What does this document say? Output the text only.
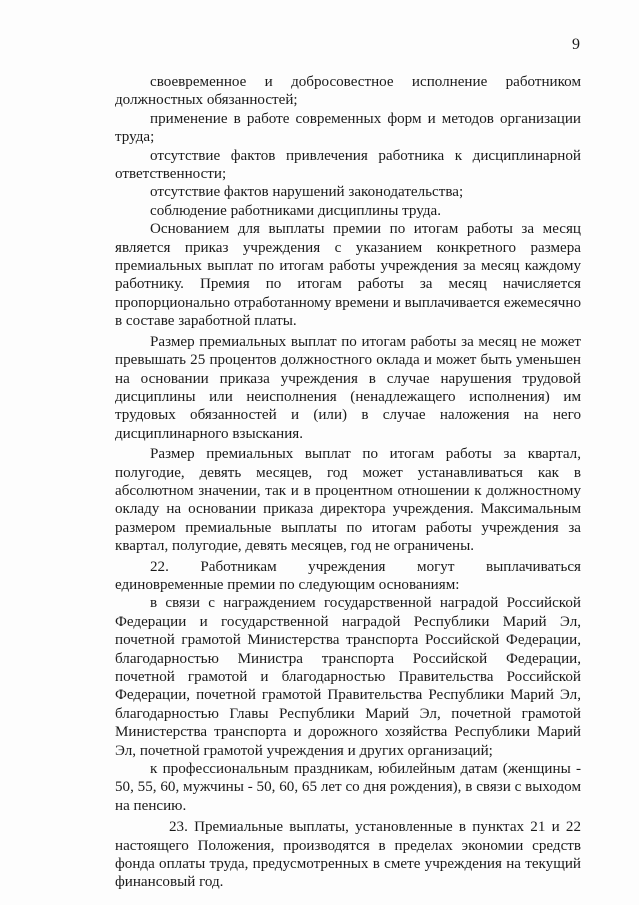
9

своевременное и добросовестное исполнение работником должностных обязанностей;

применение в работе современных форм и методов организации труда;

отсутствие фактов привлечения работника к дисциплинарной ответственности;

отсутствие фактов нарушений законодательства;

соблюдение работниками дисциплины труда.

Основанием для выплаты премии по итогам работы за месяц является приказ учреждения с указанием конкретного размера премиальных выплат по итогам работы учреждения за месяц каждому работнику. Премия по итогам работы за месяц начисляется пропорционально отработанному времени и выплачивается ежемесячно в составе заработной платы.

Размер премиальных выплат по итогам работы за месяц не может превышать 25 процентов должностного оклада и может быть уменьшен на основании приказа учреждения в случае нарушения трудовой дисциплины или неисполнения (ненадлежащего исполнения) им трудовых обязанностей и (или) в случае наложения на него дисциплинарного взыскания.

Размер премиальных выплат по итогам работы за квартал, полугодие, девять месяцев, год может устанавливаться как в абсолютном значении, так и в процентном отношении к должностному окладу на основании приказа директора учреждения. Максимальным размером премиальные выплаты по итогам работы учреждения за квартал, полугодие, девять месяцев, год не ограничены.

22. Работникам учреждения могут выплачиваться единовременные премии по следующим основаниям:

в связи с награждением государственной наградой Российской Федерации и государственной наградой Республики Марий Эл, почетной грамотой Министерства транспорта Российской Федерации, благодарностью Министра транспорта Российской Федерации, почетной грамотой и благодарностью Правительства Российской Федерации, почетной грамотой Правительства Республики Марий Эл, благодарностью Главы Республики Марий Эл, почетной грамотой Министерства транспорта и дорожного хозяйства Республики Марий Эл, почетной грамотой учреждения и других организаций;

к профессиональным праздникам, юбилейным датам (женщины - 50, 55, 60, мужчины - 50, 60, 65 лет со дня рождения), в связи с выходом на пенсию.

23. Премиальные выплаты, установленные в пунктах 21 и 22 настоящего Положения, производятся в пределах экономии средств фонда оплаты труда, предусмотренных в смете учреждения на текущий финансовый год.
